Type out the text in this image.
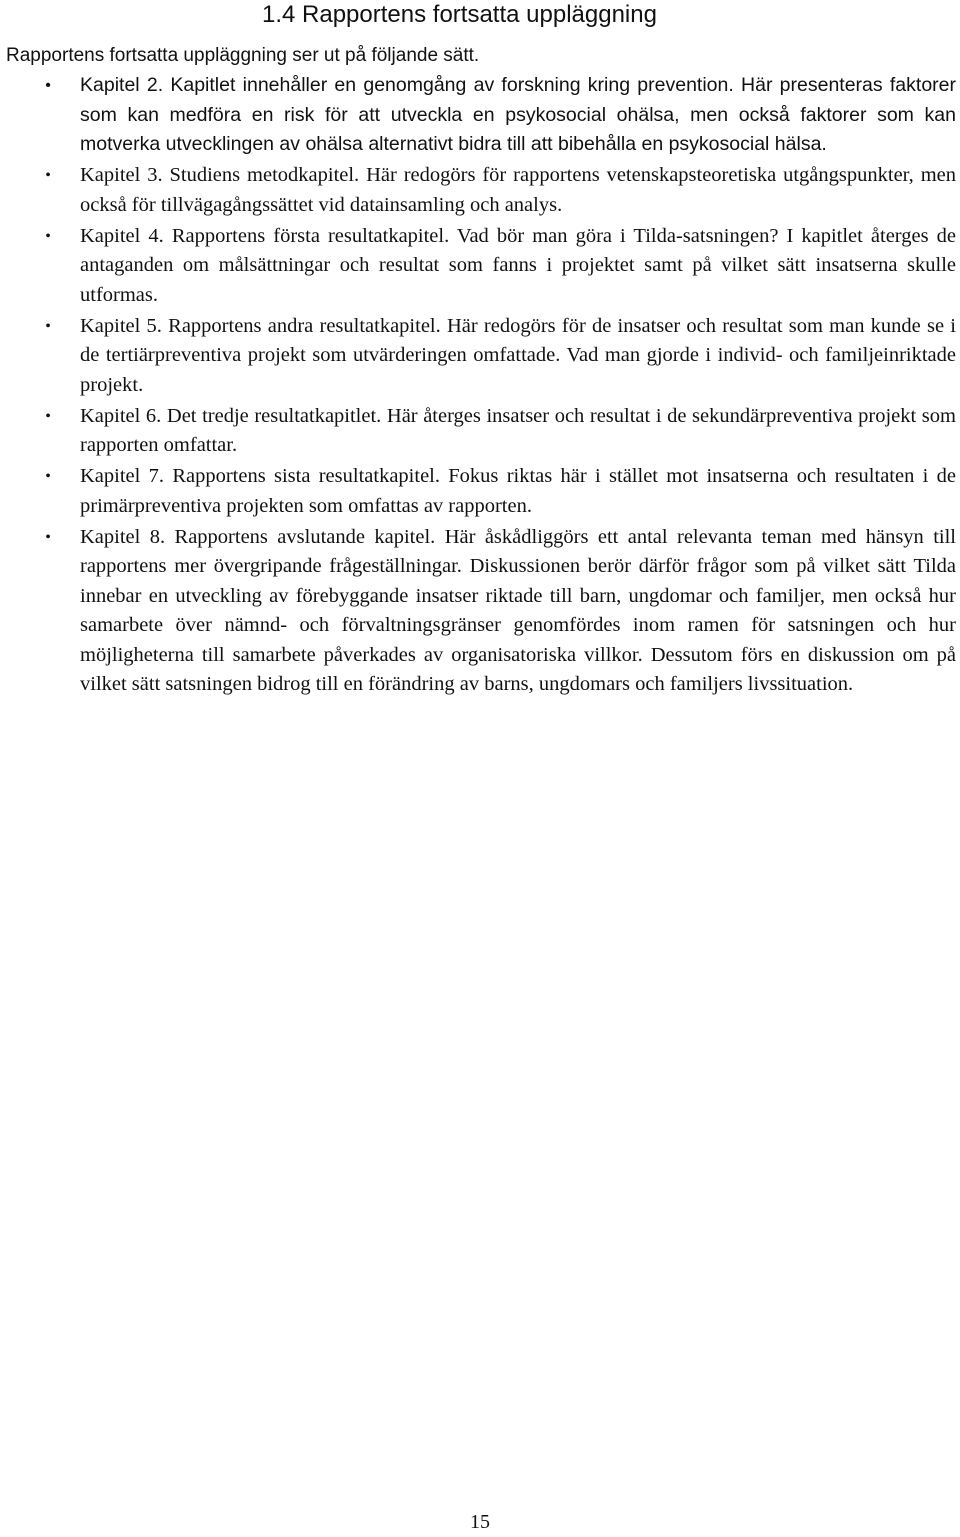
1.4 Rapportens fortsatta uppläggning

Rapportens fortsatta uppläggning ser ut på följande sätt.

•	Kapitel 2. Kapitlet innehåller en genomgång av forskning kring prevention. Här presenteras faktorer som kan medföra en risk för att utveckla en psykosocial ohälsa, men också faktorer som kan motverka utvecklingen av ohälsa alternativt bidra till att bibehålla en psykosocial hälsa.
•	Kapitel 3. Studiens metodkapitel. Här redogörs för rapportens vetenskapsteoretiska utgångspunkter, men också för tillvägagångssättet vid datainsamling och analys.
•	Kapitel 4. Rapportens första resultatkapitel. Vad bör man göra i Tilda-satsningen? I kapitlet återges de antaganden om målsättningar och resultat som fanns i projektet samt på vilket sätt insatserna skulle utformas.
•	Kapitel 5. Rapportens andra resultatkapitel. Här redogörs för de insatser och resultat som man kunde se i de tertiärpreventiva projekt som utvärderingen omfattade. Vad man gjorde i individ- och familjeinriktade projekt.
•	Kapitel 6. Det tredje resultatkapitlet. Här återges insatser och resultat i de sekundärpreventiva projekt som rapporten omfattar.
•	Kapitel 7. Rapportens sista resultatkapitel. Fokus riktas här i stället mot insatserna och resultaten i de primärpreventiva projekten som omfattas av rapporten.
•	Kapitel 8. Rapportens avslutande kapitel. Här åskådliggörs ett antal relevanta teman med hänsyn till rapportens mer övergripande frågeställningar. Diskussionen berör därför frågor som på vilket sätt Tilda innebar en utveckling av förebyggande insatser riktade till barn, ungdomar och familjer, men också hur samarbete över nämnd- och förvaltningsgränser genomfördes inom ramen för satsningen och hur möjligheterna till samarbete påverkades av organisatoriska villkor. Dessutom förs en diskussion om på vilket sätt satsningen bidrog till en förändring av barns, ungdomars och familjers livssituation.

15
